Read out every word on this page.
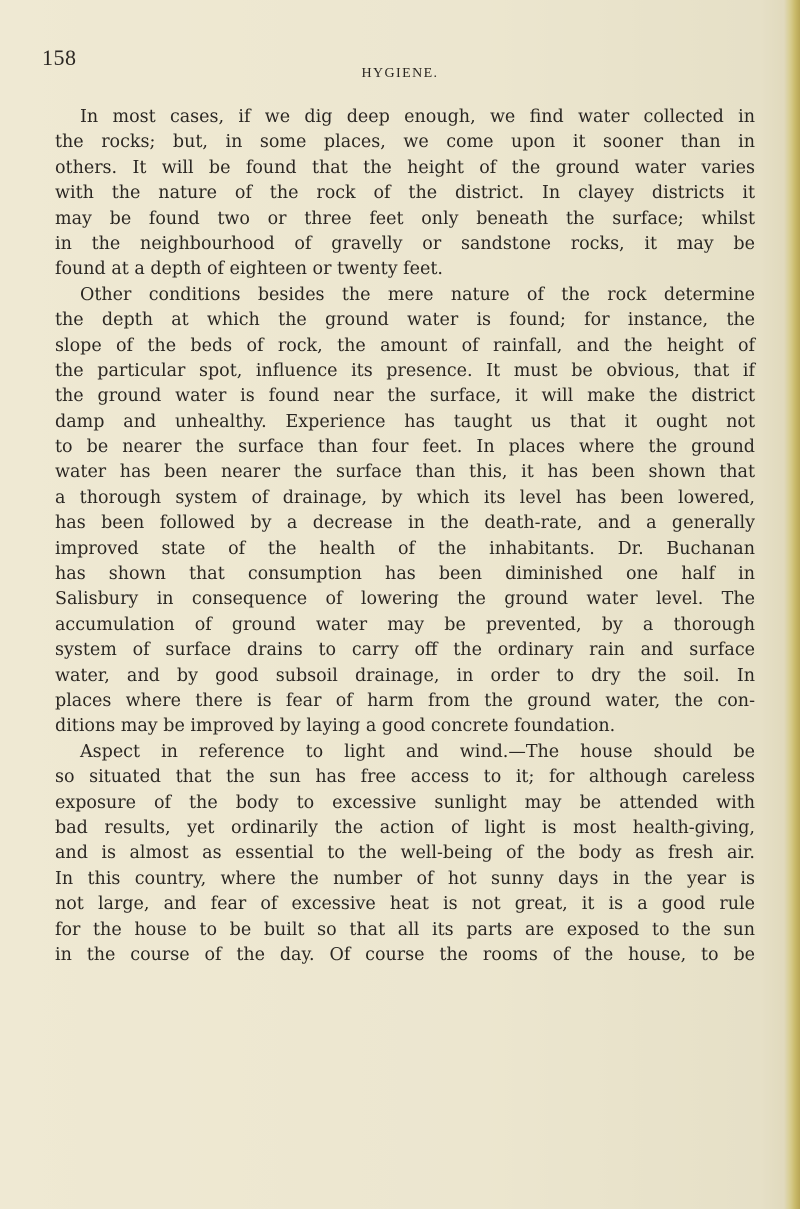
158
HYGIENE.
In most cases, if we dig deep enough, we find water collected in
the rocks; but, in some places, we come upon it sooner than in
others. It will be found that the height of the ground water varies
with the nature of the rock of the district. In clayey districts it
may be found two or three feet only beneath the surface; whilst
in the neighbourhood of gravelly or sandstone rocks, it may be
found at a depth of eighteen or twenty feet.
Other conditions besides the mere nature of the rock determine
the depth at which the ground water is found; for instance, the
slope of the beds of rock, the amount of rainfall, and the height of
the particular spot, influence its presence. It must be obvious, that if
the ground water is found near the surface, it will make the district
damp and unhealthy. Experience has taught us that it ought not
to be nearer the surface than four feet. In places where the ground
water has been nearer the surface than this, it has been shown that
a thorough system of drainage, by which its level has been lowered,
has been followed by a decrease in the death-rate, and a generally
improved state of the health of the inhabitants. Dr. Buchanan
has shown that consumption has been diminished one half in
Salisbury in consequence of lowering the ground water level. The
accumulation of ground water may be prevented, by a thorough
system of surface drains to carry off the ordinary rain and surface
water, and by good subsoil drainage, in order to dry the soil. In
places where there is fear of harm from the ground water, the con-
ditions may be improved by laying a good concrete foundation.
Aspect in reference to light and wind.—The house should be
so situated that the sun has free access to it; for although careless
exposure of the body to excessive sunlight may be attended with
bad results, yet ordinarily the action of light is most health-giving,
and is almost as essential to the well-being of the body as fresh air.
In this country, where the number of hot sunny days in the year is
not large, and fear of excessive heat is not great, it is a good rule
for the house to be built so that all its parts are exposed to the sun
in the course of the day. Of course the rooms of the house, to be
